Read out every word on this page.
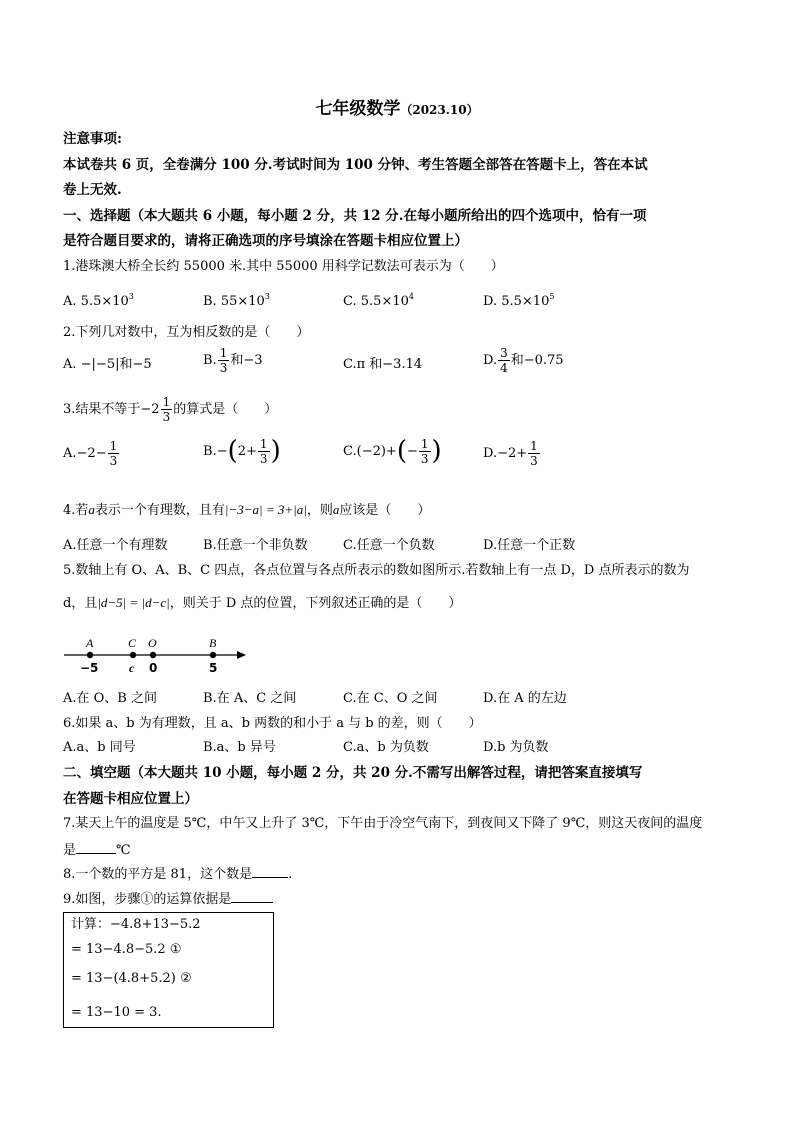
七年级数学（2023.10）
注意事项:
本试卷共 6 页，全卷满分 100 分.考试时间为 100 分钟、考生答题全部答在答题卡上，答在本试
卷上无效.
一、选择题（本大题共 6 小题，每小题 2 分，共 12 分.在每小题所给出的四个选项中，恰有一项
是符合题目要求的，请将正确选项的序号填涂在答题卡相应位置上）
1.港珠澳大桥全长约 55000 米.其中 55000 用科学记数法可表示为（　　）
A. $5.5\times 10^3$	B. $55\times 10^3$	C. $5.5\times 10^4$	D. $5.5\times 10^5$
2.下列几对数中，互为相反数的是（　　）
A. −|−5|和−5	B. $\frac{1}{3}$ 和−3	C.π 和−3.14	D. $\frac{3}{4}$ 和−0.75
3.结果不等于$-2 \frac{1}{3}$ 的算式是（　　）
$A.-2- \frac{1}{3}$	$B.-(2+ \frac{1}{3}$ )	$C.(-2)+(- \frac{1}{3}$ )	$D.-2+ \frac{1}{3}$
4.若a表示一个有理数，且有|−3−a| = 3+|a|，则a应该是（　　）
A.任意一个有理数	B.任意一个非负数	C.任意一个负数	D.任意一个正数
5.数轴上有 O、A、B、C 四点，各点位置与各点所表示的数如图所示.若数轴上有一点 D，D 点所表示的数为
d，且|d−5| = |d−c|，则关于 D 点的位置，下列叙述正确的是（　　）
A	C O	B
−5	c 0	5
A.在 O、B 之间	B.在 A、C 之间	C.在 C、O 之间	D.在 A 的左边
6.如果 a、b 为有理数，且 a、b 两数的和小于 a 与 b 的差，则（　　）
A.a、b 同号	B.a、b 异号	C.a、b 为负数	D.b 为负数
二、填空题（本大题共 10 小题，每小题 2 分，共 20 分.不需写出解答过程，请把答案直接填写
在答题卡相应位置上）
7.某天上午的温度是 5℃，中午又上升了 3℃，下午由于冷空气南下，到夜间又下降了 9℃，则这天夜间的温度
是	℃
8.一个数的平方是 81，这个数是	.
9.如图，步骤①的运算依据是
计算：−4.8+13−5.2
= 13−4.8−5.2 ①
= 13−(4.8+5.2) ②
= 13−10 = 3.
